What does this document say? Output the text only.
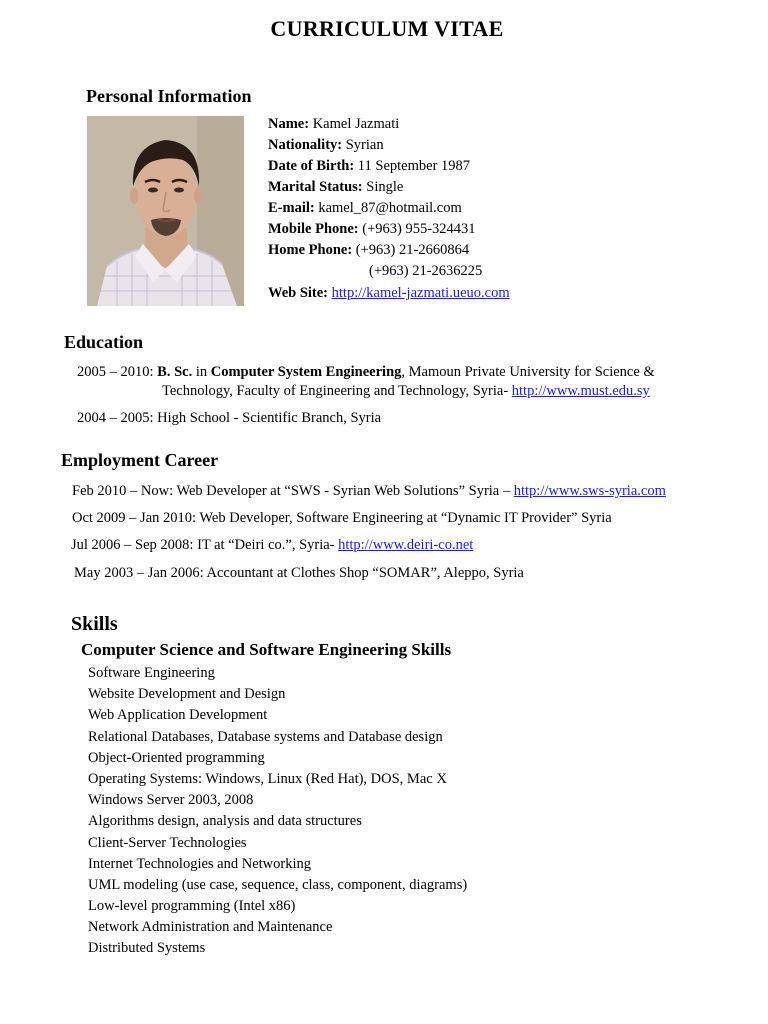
CURRICULUM VITAE
Personal Information
Name: Kamel Jazmati
Nationality: Syrian
Date of Birth: 11 September 1987
Marital Status: Single
E-mail: kamel_87@hotmail.com
Mobile Phone: (+963) 955-324431
Home Phone: (+963) 21-2660864
(+963) 21-2636225
Web Site: http://kamel-jazmati.ueuo.com
Education
2005 – 2010: B. Sc. in Computer System Engineering, Mamoun Private University for Science &
Technology, Faculty of Engineering and Technology, Syria- http://www.must.edu.sy
2004 – 2005: High School - Scientific Branch, Syria
Employment Career
Feb 2010 – Now: Web Developer at “SWS - Syrian Web Solutions” Syria – http://www.sws-syria.com
Oct 2009 – Jan 2010: Web Developer, Software Engineering at “Dynamic IT Provider” Syria
Jul 2006 – Sep 2008: IT at “Deiri co.”, Syria- http://www.deiri-co.net
May 2003 – Jan 2006: Accountant at Clothes Shop “SOMAR”, Aleppo, Syria
Skills
Computer Science and Software Engineering Skills
Software Engineering
Website Development and Design
Web Application Development
Relational Databases, Database systems and Database design
Object-Oriented programming
Operating Systems: Windows, Linux (Red Hat), DOS, Mac X
Windows Server 2003, 2008
Algorithms design, analysis and data structures
Client-Server Technologies
Internet Technologies and Networking
UML modeling (use case, sequence, class, component, diagrams)
Low-level programming (Intel x86)
Network Administration and Maintenance
Distributed Systems
